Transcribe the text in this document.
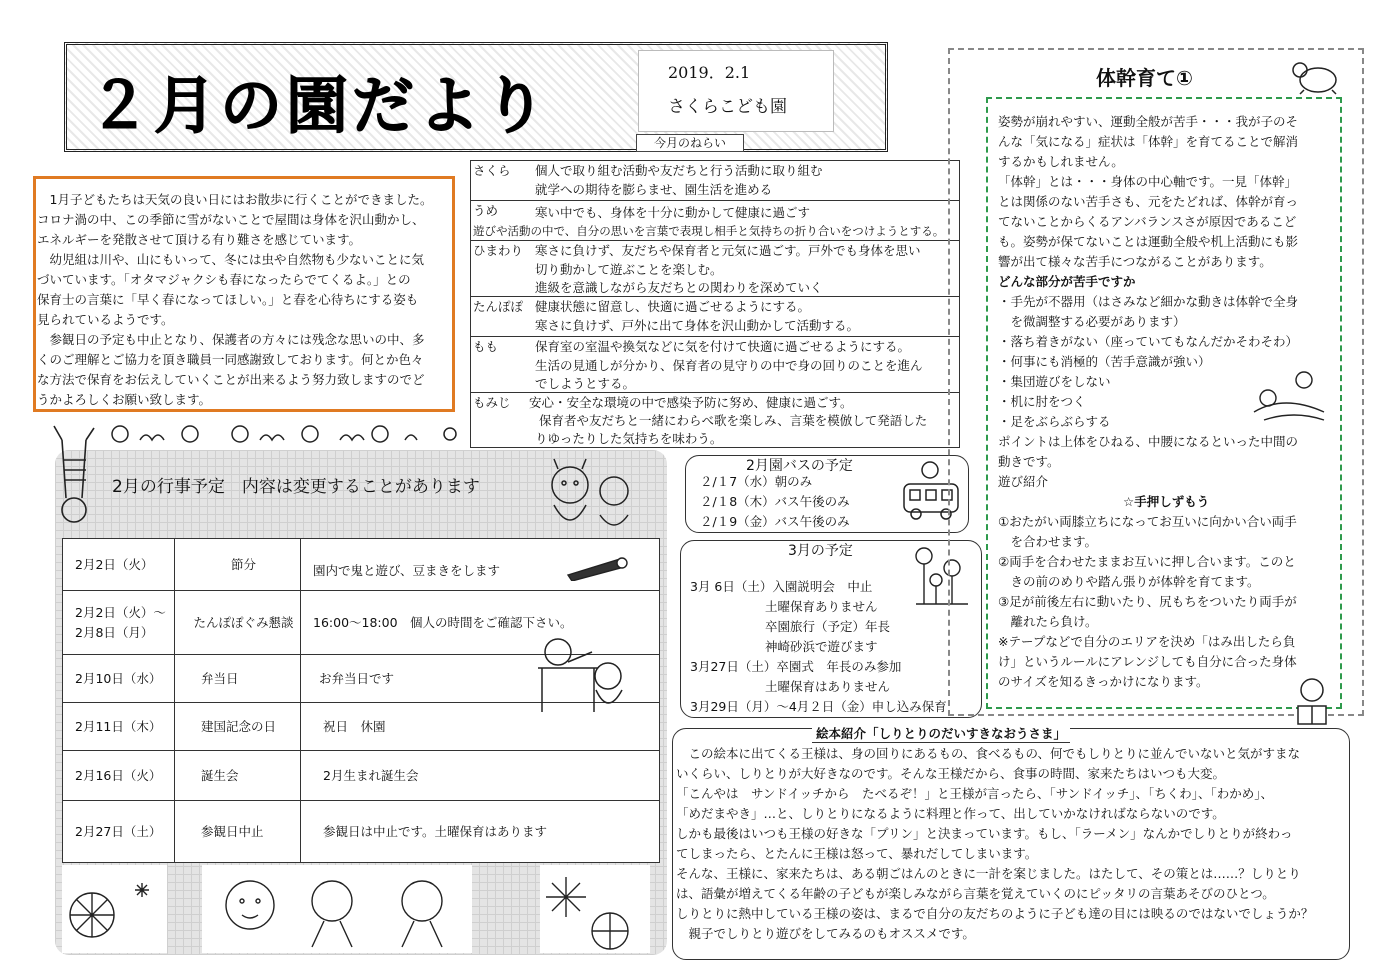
２月の園だより	2019．2.1
さくらこども園

　1月子どもたちは天気の良い日にはお散歩に行くことができました。

コロナ渦の中、この季節に雪がないことで屋間は身体を沢山動かし、

エネルギーを発散させて頂ける有り難さを感じています。

　幼児組は川や、山にもいって、冬には虫や自然物も少ないことに気

づいています。「オタマジャクシも春になったらでてくるよ。」との

保育士の言葉に「早く春になってほしい。」と春を心待ちにする姿も

見られているようです。

　参観日の予定も中止となり、保護者の方々には残念な思いの中、多

くのご理解とご協力を頂き職員一同感謝致しております。何とか色々

な方法で保育をお伝えしていくことが出来るよう努力致しますのでど

うかよろしくお願い致します。

さくら 個人で取り組む活動や友だちと行う活動に取り組む
就学への期待を膨らませ、園生活を進める
うめ	寒い中でも、身体を十分に動かして健康に過ごす
遊びや活動の中で、自分の思いを言葉で表現し相手と気持ちの折り合いをつけようとする。
ひまわり 寒さに負けず、友だちや保育者と元気に過ごす。戸外でも身体を思い
切り動かして遊ぶことを楽しむ。
進級を意識しながら友だちとの関わりを深めていく
たんぽぽ 健康状態に留意し、快適に過ごせるようにする。
寒さに負けず、戸外に出て身体を沢山動かして活動する。
もも	保育室の室温や換気などに気を付けて快適に過ごせるようにする。
生活の見通しが分かり、保育者の見守りの中で身の回りのことを進ん
でしようとする。
もみじ 安心・安全な環境の中で感染予防に努め、健康に過ごす。
保育者や友だちと一緒にわらべ歌を楽しみ、言葉を模倣して発語した
りゆったりした気持ちを味わう。
今月のねらい
2月の行事予定　内容は変更することがあります
2月2日（火）	節分	園内で鬼と遊び、豆まきをします

2月2日（火）～
2月8日（月）	たんぽぽぐみ懇談	16:00～18:00　個人の時間をご確認下さい。
2月10日（水）	弁当日	お弁当日です
2月11日（木）	建国記念の日	祝日　休園
2月16日（火）	誕生会	2月生まれ誕生会
2月27日（土）	参観日中止	参観日は中止です。土曜保育はあります
2月園バスの予定
２/１7（水）朝のみ
２/１8（木）バス午後のみ
２/１9（金）バス午後のみ
3月の予定
3月 6日（土）入園説明会　中止
　　　　　　土曜保育ありません
　　　　　　卒園旅行（予定）年長
　　　　　　神崎砂浜で遊びます
3月27日（土）卒園式　年長のみ参加
　　　　　　土曜保育はありません
3月29日（月）～4月２日（金）申し込み保育
体幹育て①

姿勢が崩れやすい、運動全般が苦手・・・我が子のそ

んな「気になる」症状は「体幹」を育てることで解消

するかもしれません。

「体幹」とは・・・身体の中心軸です。一見「体幹」

とは関係のない苦手さも、元をたどれば、体幹が育っ

てないことからくるアンバランスさが原因であるこど

も。姿勢が保てないことは運動全般や机上活動にも影

響が出て様々な苦手につながることがあります。

どんな部分が苦手ですか

・手先が不器用（はさみなど細かな動きは体幹で全身

　を微調整する必要があります）

・落ち着きがない（座っていてもなんだかそわそわ）

・何事にも消極的（苦手意識が強い）

・集団遊びをしない

・机に肘をつく

・足をぶらぶらする

ポイントは上体をひねる、中腰になるといった中間の

動きです。

遊び紹介

　　　　　　　　　　☆手押しずもう

①おたがい両膝立ちになってお互いに向かい合い両手

　を合わせます。

②両手を合わせたままお互いに押し合います。このと

　きの前のめりや踏ん張りが体幹を育てます。

③足が前後左右に動いたり、尻もちをついたり両手が

　離れたら負け。

※テープなどで自分のエリアを決め「はみ出したら負

け」というルールにアレンジしても自分に合った身体

のサイズを知るきっかけになります。

絵本紹介「しりとりのだいすきなおうさま」

　この絵本に出てくる王様は、身の回りにあるもの、食べるもの、何でもしりとりに並んでいないと気がすまな

いくらい、しりとりが大好きなのです。そんな王様だから、食事の時間、家来たちはいつも大変。

「こんやは　サンドイッチから　たべるぞ！」と王様が言ったら、「サンドイッチ」、「ちくわ」、「わかめ」、

「めだまやき」…と、しりとりになるように料理と作って、出していかなければならないのです。

しかも最後はいつも王様の好きな「プリン」と決まっています。もし、「ラーメン」なんかでしりとりが終わっ

てしまったら、とたんに王様は怒って、暴れだしてしまいます。

そんな、王様に、家来たちは、ある朝ごはんのときに一計を案じました。はたして、その策とは……？しりとり

は、語彙が増えてくる年齢の子どもが楽しみながら言葉を覚えていくのにピッタリの言葉あそびのひとつ。

しりとりに熱中している王様の姿は、まるで自分の友だちのように子ども達の目には映るのではないでしょうか？

　親子でしりとり遊びをしてみるのもオススメです。
